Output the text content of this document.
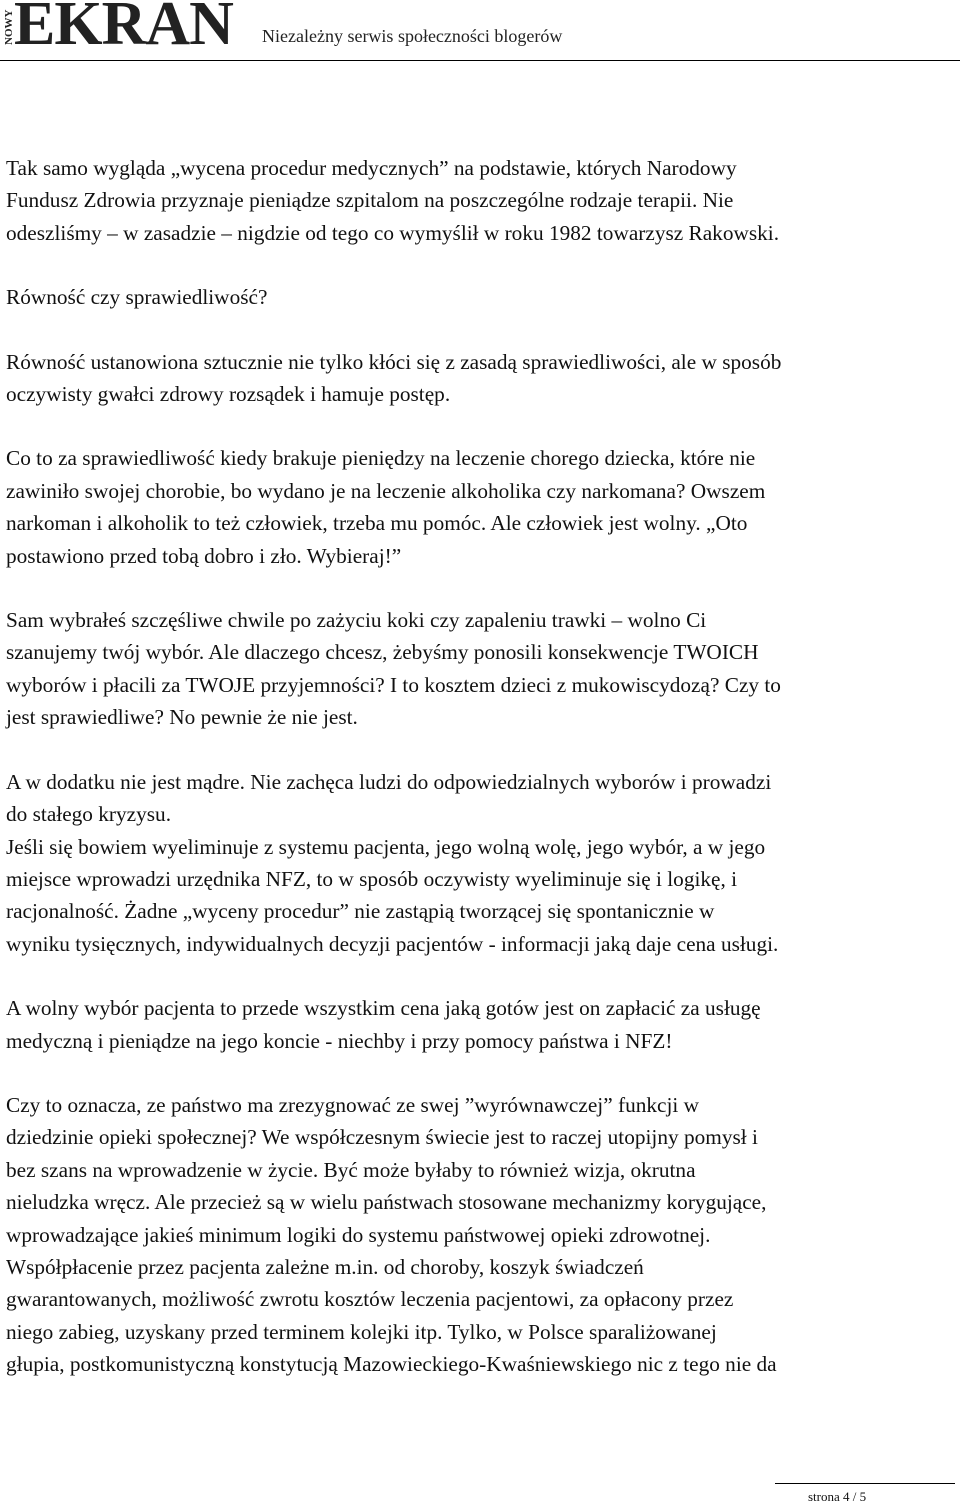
NOWY EKRAN Niezależny serwis społeczności blogerów

Tak samo wygląda „wycena procedur medycznych” na podstawie, których Narodowy
Fundusz Zdrowia przyznaje pieniądze szpitalom na poszczególne rodzaje terapii. Nie
odeszliśmy – w zasadzie – nigdzie od tego co wymyślił w roku 1982 towarzysz Rakowski.

Równość czy sprawiedliwość?

Równość ustanowiona sztucznie nie tylko kłóci się z zasadą sprawiedliwości, ale w sposób
oczywisty gwałci zdrowy rozsądek i hamuje postęp.

Co to za sprawiedliwość kiedy brakuje pieniędzy na leczenie chorego dziecka, które nie
zawiniło swojej chorobie, bo wydano je na leczenie alkoholika czy narkomana? Owszem
narkoman i alkoholik to też człowiek, trzeba mu pomóc. Ale człowiek jest wolny. „Oto
postawiono przed tobą dobro i zło. Wybieraj!”

Sam wybrałeś szczęśliwe chwile po zażyciu koki czy zapaleniu trawki – wolno Ci
szanujemy twój wybór. Ale dlaczego chcesz, żebyśmy ponosili konsekwencje TWOICH
wyborów i płacili za TWOJE przyjemności? I to kosztem dzieci z mukowiscydozą? Czy to
jest sprawiedliwe? No pewnie że nie jest.

A w dodatku nie jest mądre. Nie zachęca ludzi do odpowiedzialnych wyborów i prowadzi
do stałego kryzysu.

Jeśli się bowiem wyeliminuje z systemu pacjenta, jego wolną wolę, jego wybór, a w jego
miejsce wprowadzi urzędnika NFZ, to w sposób oczywisty wyeliminuje się i logikę, i
racjonalność. Żadne „wyceny procedur” nie zastąpią tworzącej się spontanicznie w
wyniku tysięcznych, indywidualnych decyzji pacjentów - informacji jaką daje cena usługi.

A wolny wybór pacjenta to przede wszystkim cena jaką gotów jest on zapłacić za usługę
medyczną i pieniądze na jego koncie - niechby i przy pomocy państwa i NFZ!

Czy to oznacza, ze państwo ma zrezygnować ze swej ”wyrównawczej” funkcji w
dziedzinie opieki społecznej? We współczesnym świecie jest to raczej utopijny pomysł i
bez szans na wprowadzenie w życie. Być może byłaby to również wizja, okrutna
nieludzka wręcz. Ale przecież są w wielu państwach stosowane mechanizmy korygujące,
wprowadzające jakieś minimum logiki do systemu państwowej opieki zdrowotnej.
Współpłacenie przez pacjenta zależne m.in. od choroby, koszyk świadczeń
gwarantowanych, możliwość zwrotu kosztów leczenia pacjentowi, za opłacony przez
niego zabieg, uzyskany przed terminem kolejki itp. Tylko, w Polsce sparaliżowanej
głupia, postkomunistyczną konstytucją Mazowieckiego-Kwaśniewskiego nic z tego nie da

strona 4 / 5
